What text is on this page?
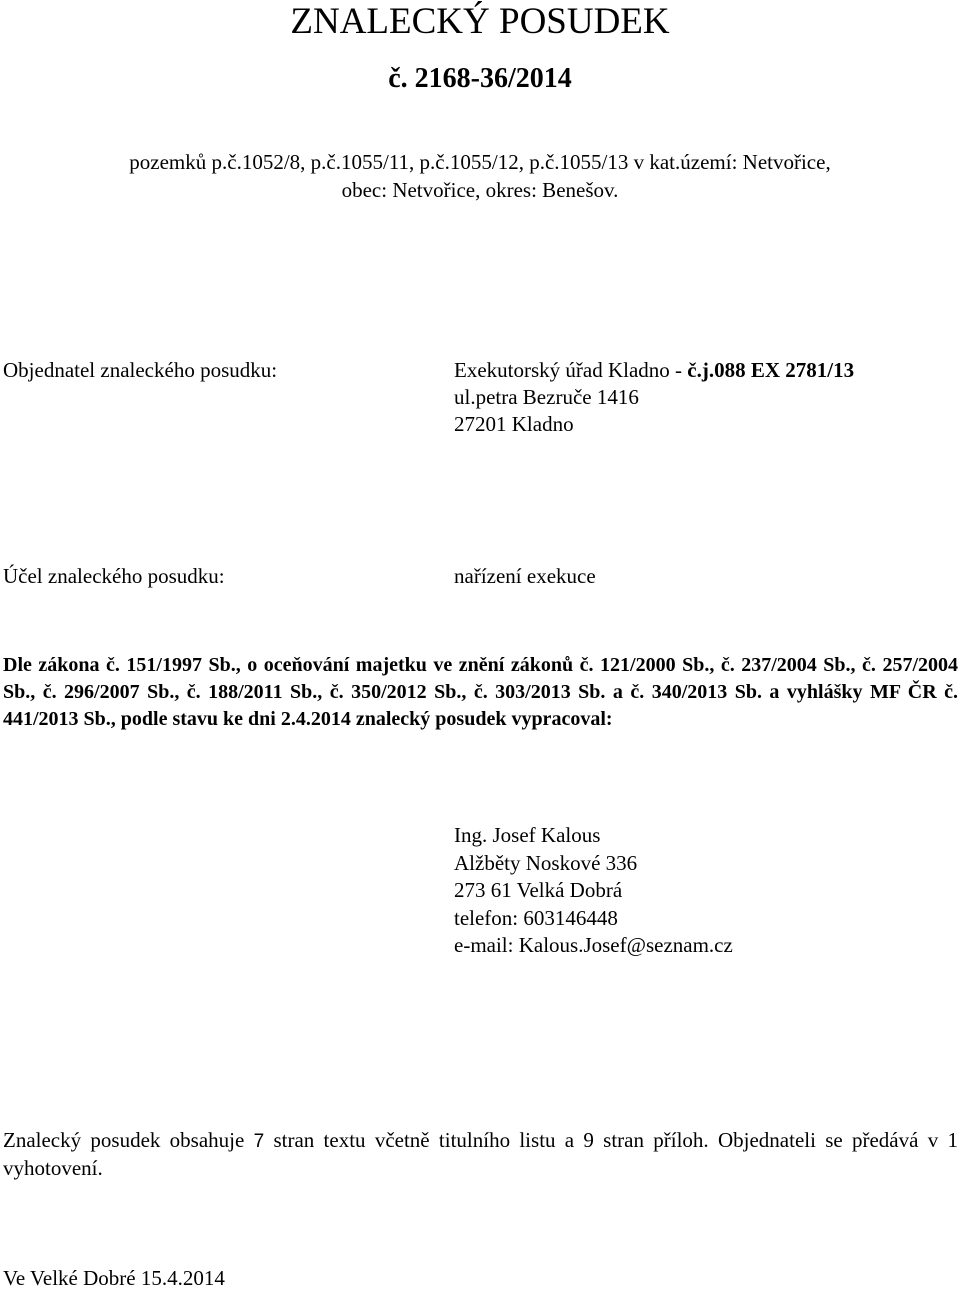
ZNALECKÝ POSUDEK
č. 2168-36/2014
pozemků p.č.1052/8, p.č.1055/11, p.č.1055/12, p.č.1055/13 v kat.území: Netvořice,
obec: Netvořice, okres: Benešov.
Objednatel znaleckého posudku:	Exekutorský úřad Kladno - č.j.088 EX 2781/13
ul.petra Bezruče 1416
27201 Kladno
Účel znaleckého posudku:	nařízení exekuce
Dle zákona č. 151/1997 Sb., o oceňování majetku ve znění zákonů č. 121/2000 Sb., č. 237/2004 Sb., č. 257/2004 Sb., č. 296/2007 Sb., č. 188/2011 Sb., č. 350/2012 Sb., č. 303/2013 Sb. a č. 340/2013 Sb. a vyhlášky MF ČR č. 441/2013 Sb., podle stavu ke dni 2.4.2014 znalecký posudek vypracoval:
Ing. Josef Kalous
Alžběty Noskové 336
273 61 Velká Dobrá
telefon: 603146448
e-mail: Kalous.Josef@seznam.cz
Znalecký posudek obsahuje 7 stran textu včetně titulního listu a 9 stran příloh. Objednateli se předává v 1 vyhotovení.
Ve Velké Dobré 15.4.2014
